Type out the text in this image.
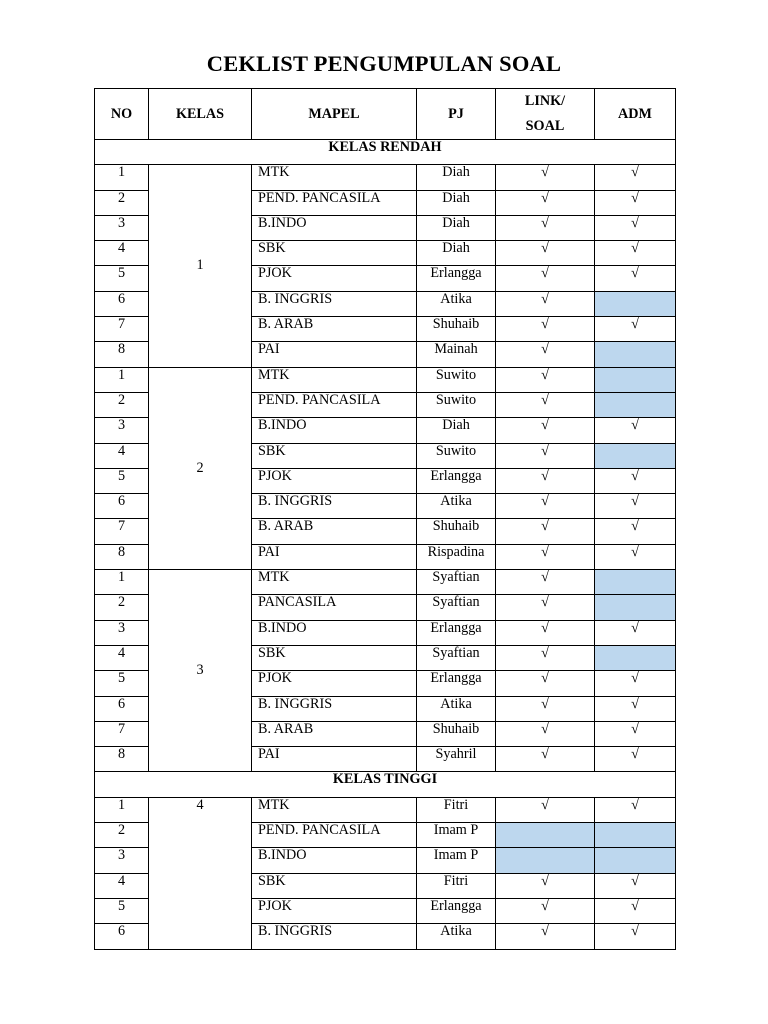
CEKLIST PENGUMPULAN SOAL
NO	KELAS	MAPEL	PJ	LINK/
SOAL	ADM
KELAS RENDAH					
1	1	MTK	Diah	√	√
2		PEND. PANCASILA	Diah	√	√
3		B.INDO	Diah	√	√
4		SBK	Diah	√	√
5		PJOK	Erlangga	√	√
6		B. INGGRIS	Atika	√	
7		B. ARAB	Shuhaib	√	√
8		PAI	Mainah	√	
1	2	MTK	Suwito	√	
2		PEND. PANCASILA	Suwito	√	
3		B.INDO	Diah	√	√
4		SBK	Suwito	√	
5		PJOK	Erlangga	√	√
6		B. INGGRIS	Atika	√	√
7		B. ARAB	Shuhaib	√	√
8		PAI	Rispadina	√	√
1	3	MTK	Syaftian	√	
2		PANCASILA	Syaftian	√	
3		B.INDO	Erlangga	√	√
4		SBK	Syaftian	√	
5		PJOK	Erlangga	√	√
6		B. INGGRIS	Atika	√	√
7		B. ARAB	Shuhaib	√	√
8		PAI	Syahril	√	√
KELAS TINGGI					
1	4	MTK	Fitri	√	√
2		PEND. PANCASILA	Imam P		
3		B.INDO	Imam P		
4		SBK	Fitri	√	√
5		PJOK	Erlangga	√	√
6		B. INGGRIS	Atika	√	√
